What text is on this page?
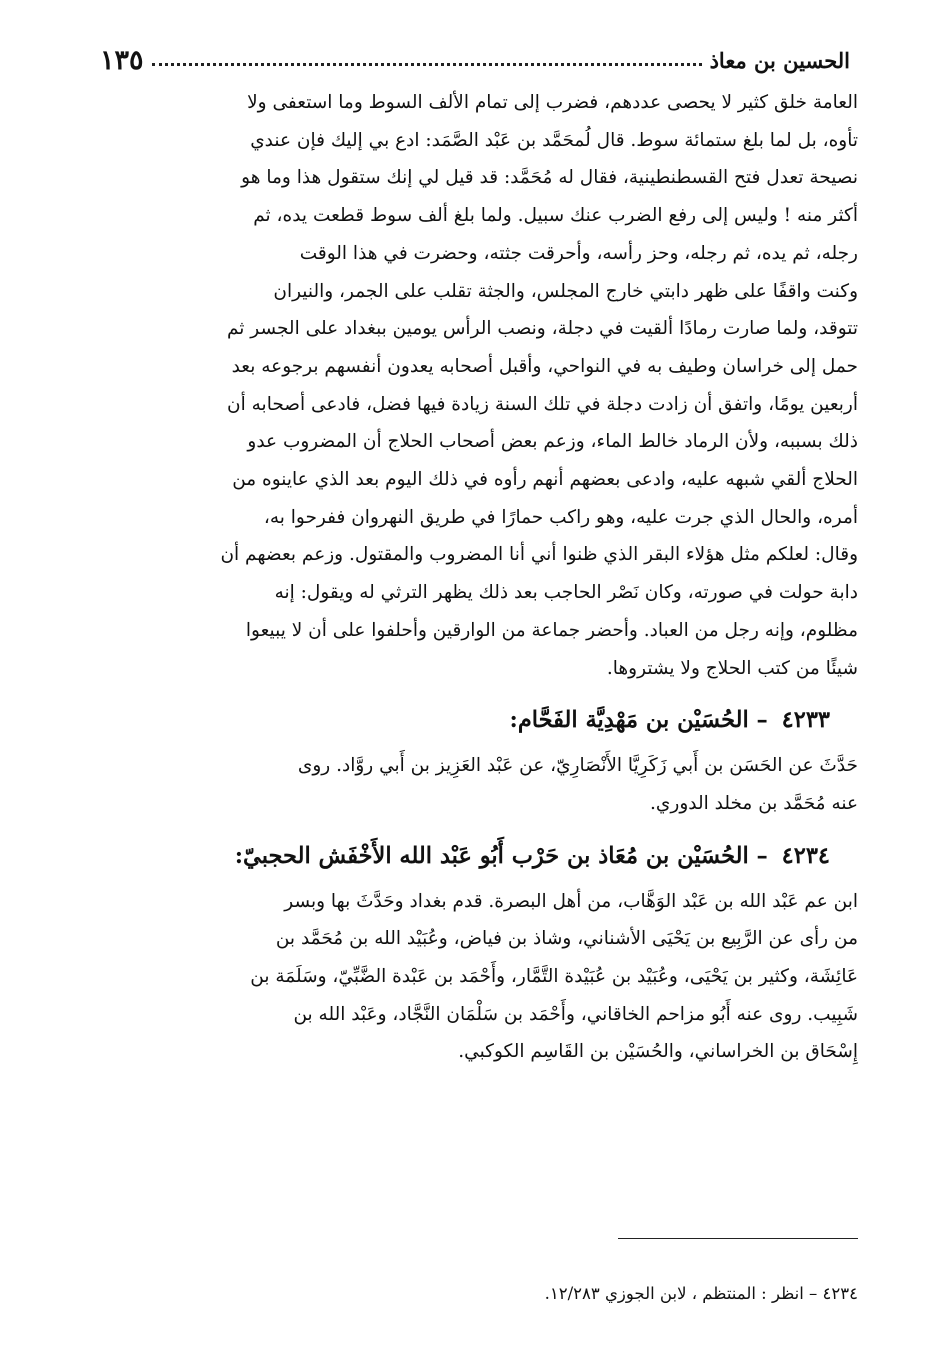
الحسين بن معاذ
١٣٥

العامة خلق كثير لا يحصى عددهم، فضرب إلى تمام الألف السوط وما استعفى ولا
تأوه، بل لما بلغ ستمائة سوط. قال لُمحَمَّد بن عَبْد الصَّمَد: ادع بي إليك فإن عندي
نصيحة تعدل فتح القسطنطينية، فقال له مُحَمَّد: قد قيل لي إنك ستقول هذا وما هو
أكثر منه ! وليس إلى رفع الضرب عنك سبيل. ولما بلغ ألف سوط قطعت يده، ثم
رجله، ثم يده، ثم رجله، وحز رأسه، وأحرقت جثته، وحضرت في هذا الوقت
وكنت واقفًا على ظهر دابتي خارج المجلس، والجثة تقلب على الجمر، والنيران
تتوقد، ولما صارت رمادًا ألقيت في دجلة، ونصب الرأس يومين ببغداد على الجسر ثم
حمل إلى خراسان وطيف به في النواحي، وأقبل أصحابه يعدون أنفسهم برجوعه بعد
أربعين يومًا، واتفق أن زادت دجلة في تلك السنة زيادة فيها فضل، فادعى أصحابه أن
ذلك بسببه، ولأن الرماد خالط الماء، وزعم بعض أصحاب الحلاج أن المضروب عدو
الحلاج ألقي شبهه عليه، وادعى بعضهم أنهم رأوه في ذلك اليوم بعد الذي عاينوه من
أمره، والحال الذي جرت عليه، وهو راكب حمارًا في طريق النهروان ففرحوا به،
وقال: لعلكم مثل هؤلاء البقر الذي ظنوا أني أنا المضروب والمقتول. وزعم بعضهم أن
دابة حولت في صورته، وكان نَصْر الحاجب بعد ذلك يظهر الترثي له ويقول: إنه
مظلوم، وإنه رجل من العباد. وأحضر جماعة من الوارقين وأحلفوا على أن لا يبيعوا
شيئًا من كتب الحلاج ولا يشتروها.

٤٢٣٣ – الحُسَيْن بن مَهْدِيَّة الفَحَّام:

حَدَّثَ عن الحَسَن بن أَبي زَكَرِيَّا الأَنْصَارِيّ، عن عَبْد العَزِيز بن أَبي روَّاد. روى
عنه مُحَمَّد بن مخلد الدوري.

٤٢٣٤ – الحُسَيْن بن مُعَاذ بن حَرْب أَبُو عَبْد الله الأَخْفَش الحجبيّ:

ابن عم عَبْد الله بن عَبْد الوَهَّاب، من أهل البصرة. قدم بغداد وحَدَّثَ بها وبسر
من رأى عن الرَّبِيع بن يَحْيَى الأشناني، وشاذ بن فياض، وعُبَيْد الله بن مُحَمَّد بن
عَائِشَة، وكثير بن يَحْيَى، وعُبَيْد بن عُبَيْدة التَّمَّار، وأَحْمَد بن عَبْدة الضَّبِّيّ، وسَلَمَة بن
شَبِيب. روى عنه أَبُو مزاحم الخاقاني، وأَحْمَد بن سَلْمَان النَّجَّاد، وعَبْد الله بن
إِسْحَاق بن الخراساني، والحُسَيْن بن القَاسِم الكوكبي.

٤٢٣٤ – انظر : المنتظم ، لابن الجوزي ١٢/٢٨٣.
